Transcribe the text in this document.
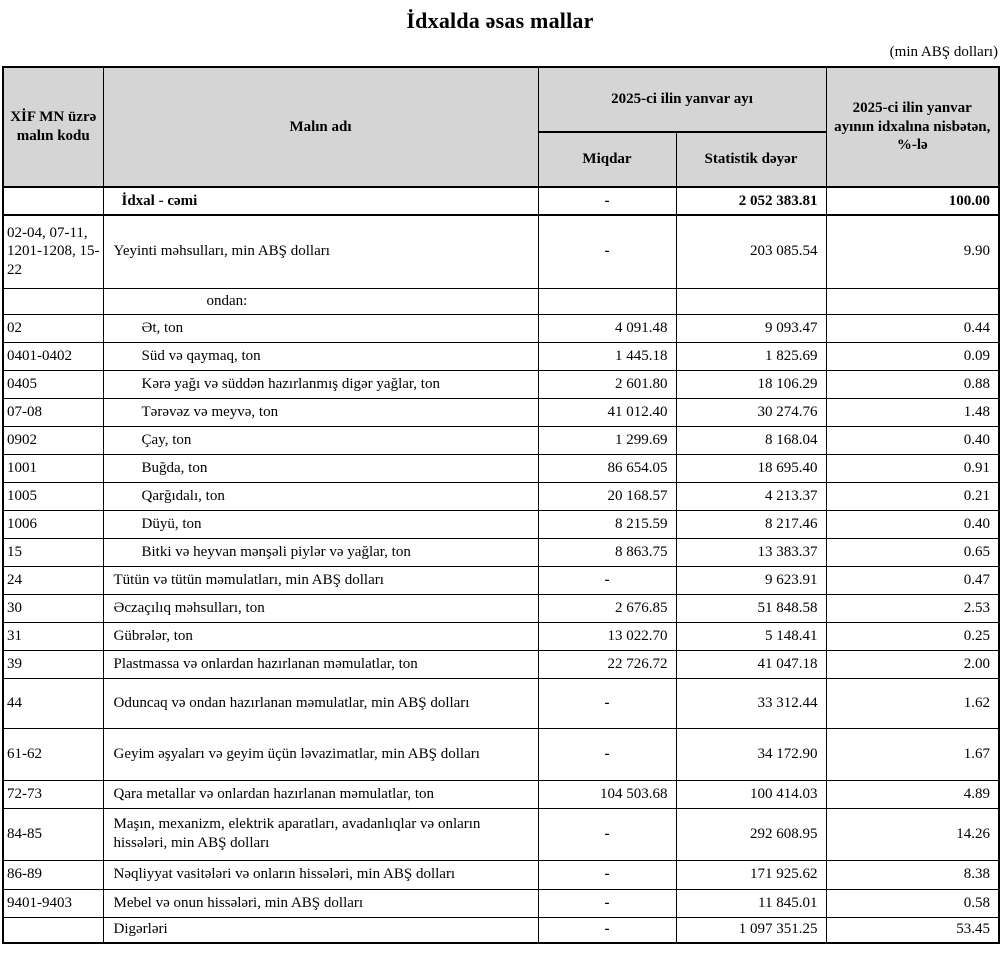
İdxalda əsas mallar
(min ABŞ dolları)
XİF MN üzrə malın kodu	Malın adı	2025-ci ilin yanvar ayı		2025-ci ilin yanvar ayının idxalına nisbətən, %-lə
		Miqdar	Statistik dəyər	
	İdxal - cəmi	-	2 052 383.81	100.00
02-04, 07-11, 1201-1208, 15-22	Yeyinti məhsulları, min ABŞ dolları	-	203 085.54	9.90
	ondan:			
02	Ət, ton	4 091.48	9 093.47	0.44
0401-0402	Süd və qaymaq, ton	1 445.18	1 825.69	0.09
0405	Kərə yağı və süddən hazırlanmış digər yağlar, ton	2 601.80	18 106.29	0.88
07-08	Tərəvəz və meyvə, ton	41 012.40	30 274.76	1.48
0902	Çay, ton	1 299.69	8 168.04	0.40
1001	Buğda, ton	86 654.05	18 695.40	0.91
1005	Qarğıdalı, ton	20 168.57	4 213.37	0.21
1006	Düyü, ton	8 215.59	8 217.46	0.40
15	Bitki və heyvan mənşəli piylər və yağlar, ton	8 863.75	13 383.37	0.65
24	Tütün və tütün məmulatları, min ABŞ dolları	-	9 623.91	0.47
30	Əczaçılıq məhsulları, ton	2 676.85	51 848.58	2.53
31	Gübrələr, ton	13 022.70	5 148.41	0.25
39	Plastmassa və onlardan hazırlanan məmulatlar, ton	22 726.72	41 047.18	2.00
44	Oduncaq və ondan hazırlanan məmulatlar, min ABŞ dolları	-	33 312.44	1.62
61-62	Geyim əşyaları və geyim üçün ləvazimatlar, min ABŞ dolları	-	34 172.90	1.67
72-73	Qara metallar və onlardan hazırlanan məmulatlar, ton	104 503.68	100 414.03	4.89
84-85	Maşın, mexanizm, elektrik aparatları, avadanlıqlar və onların hissələri, min ABŞ dolları	-	292 608.95	14.26
86-89	Nəqliyyat vasitələri və onların hissələri, min ABŞ dolları	-	171 925.62	8.38
9401-9403	Mebel və onun hissələri, min ABŞ dolları	-	11 845.01	0.58
	Digərləri	-	1 097 351.25	53.45
